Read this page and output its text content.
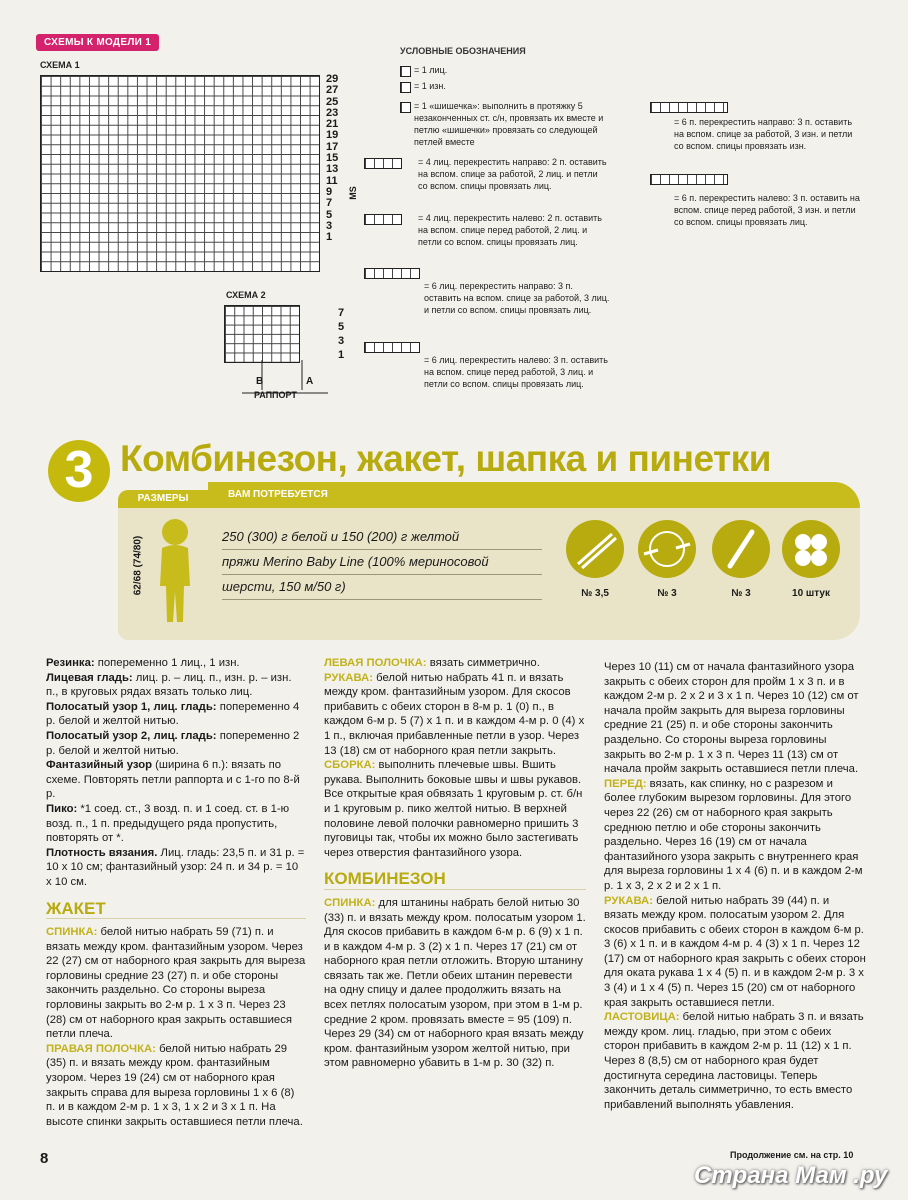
СХЕМЫ К МОДЕЛИ 1
СХЕМА 1
29
27
25
23
21
19
17
15
13
11
9
7
5
3
1
MS
СХЕМА 2
7
5
3
1
B	A
РАППОРТ
УСЛОВНЫЕ ОБОЗНАЧЕНИЯ
= 1 лиц.
= 1 изн.
= 1 «шишечка»: выполнить в протяжку 5 незаконченных ст. с/н, провязать их вместе и петлю «шишечки» провязать со следующей петлей вместе
= 4 лиц. перекрестить направо: 2 п. оставить на вспом. спице за работой, 2 лиц. и петли со вспом. спицы провязать лиц.
= 4 лиц. перекрестить налево: 2 п. оставить на вспом. спице перед работой, 2 лиц. и петли со вспом. спицы провязать лиц.
= 6 лиц. перекрестить направо: 3 п. оставить на вспом. спице за работой, 3 лиц. и петли со вспом. спицы провязать лиц.
= 6 лиц. перекрестить налево: 3 п. оставить на вспом. спице перед работой, 3 лиц. и петли со вспом. спицы провязать лиц.
= 6 п. перекрестить направо: 3 п. оставить на вспом. спице за работой, 3 изн. и петли со вспом. спицы провязать изн.
= 6 п. перекрестить налево: 3 п. оставить на вспом. спице перед работой, 3 изн. и петли со вспом. спицы провязать лиц.
3 Комбинезон, жакет, шапка и пинетки
РАЗМЕРЫ
62/68 (74/80)
ВАМ ПОТРЕБУЕТСЯ
250 (300) г белой и 150 (200) г желтой
пряжи Merino Baby Line (100% мериносовой
шерсти, 150 м/50 г)	№ 3,5	№ 3	№ 3	10 штук

Резинка: попеременно 1 лиц., 1 изн.

Лицевая гладь: лиц. р. – лиц. п., изн. р. – изн. п., в круговых рядах вязать только лиц.

Полосатый узор 1, лиц. гладь: попеременно 4 р. белой и желтой нитью.

Полосатый узор 2, лиц. гладь: попеременно 2 р. белой и желтой нитью.

Фантазийный узор (ширина 6 п.): вязать по схеме. Повторять петли раппорта и с 1-го по 8-й р.

Пико: *1 соед. ст., 3 возд. п. и 1 соед. ст. в 1-ю возд. п., 1 п. предыдущего ряда пропустить, повторять от *.

Плотность вязания. Лиц. гладь: 23,5 п. и 31 р. = 10 х 10 см; фантазийный узор: 24 п. и 34 р. = 10 х 10 см.

ЖАКЕТ

СПИНКА: белой нитью набрать 59 (71) п. и вязать между кром. фантазийным узором. Через 22 (27) см от наборного края закрыть для выреза горловины средние 23 (27) п. и обе стороны закончить раздельно. Со стороны выреза горловины закрыть во 2-м р. 1 х 3 п. Через 23 (28) см от наборного края закрыть оставшиеся петли плеча.

ПРАВАЯ ПОЛОЧКА: белой нитью набрать 29 (35) п. и вязать между кром. фантазийным узором. Через 19 (24) см от наборного края закрыть справа для выреза горловины 1 х 6 (8) п. и в каждом 2-м р. 1 х 3, 1 х 2 и 3 х 1 п. На высоте спинки закрыть оставшиеся петли плеча.

ЛЕВАЯ ПОЛОЧКА: вязать симметрично.

РУКАВА: белой нитью набрать 41 п. и вязать между кром. фантазийным узором. Для скосов прибавить с обеих сторон в 8-м р. 1 (0) п., в каждом 6-м р. 5 (7) х 1 п. и в каждом 4-м р. 0 (4) х 1 п., включая прибавленные петли в узор. Через 13 (18) см от наборного края петли закрыть.

СБОРКА: выполнить плечевые швы. Вшить рукава. Выполнить боковые швы и швы рукавов. Все открытые края обвязать 1 круговым р. ст. б/н и 1 круговым р. пико желтой нитью. В верхней половине левой полочки равномерно пришить 3 пуговицы так, чтобы их можно было застегивать через отверстия фантазийного узора.

КОМБИНЕЗОН

СПИНКА: для штанины набрать белой нитью 30 (33) п. и вязать между кром. полосатым узором 1. Для скосов прибавить в каждом 6-м р. 6 (9) х 1 п. и в каждом 4-м р. 3 (2) х 1 п. Через 17 (21) см от наборного края петли отложить. Вторую штанину связать так же. Петли обеих штанин перевести на одну спицу и далее продолжить вязать на всех петлях полосатым узором, при этом в 1-м р. средние 2 кром. провязать вместе = 95 (109) п. Через 29 (34) см от наборного края вязать между кром. фантазийным узором желтой нитью, при этом равномерно убавить в 1-м р. 30 (32) п.

Через 10 (11) см от начала фантазийного узора закрыть с обеих сторон для пройм 1 х 3 п. и в каждом 2-м р. 2 х 2 и 3 х 1 п. Через 10 (12) см от начала пройм закрыть для выреза горловины средние 21 (25) п. и обе стороны закончить раздельно. Со стороны выреза горловины закрыть во 2-м р. 1 х 3 п. Через 11 (13) см от начала пройм закрыть оставшиеся петли плеча.

ПЕРЕД: вязать, как спинку, но с разрезом и более глубоким вырезом горловины. Для этого через 22 (26) см от наборного края закрыть среднюю петлю и обе стороны закончить раздельно. Через 16 (19) см от начала фантазийного узора закрыть с внутреннего края для выреза горловины 1 х 4 (6) п. и в каждом 2-м р. 1 х 3, 2 х 2 и 2 х 1 п.

РУКАВА: белой нитью набрать 39 (44) п. и вязать между кром. полосатым узором 2. Для скосов прибавить с обеих сторон в каждом 6-м р. 3 (6) х 1 п. и в каждом 4-м р. 4 (3) х 1 п. Через 12 (17) см от наборного края закрыть с обеих сторон для оката рукава 1 х 4 (5) п. и в каждом 2-м р. 3 х 3 (4) и 1 х 4 (5) п. Через 15 (20) см от наборного края закрыть оставшиеся петли.

ЛАСТОВИЦА: белой нитью набрать 3 п. и вязать между кром. лиц. гладью, при этом с обеих сторон прибавить в каждом 2-м р. 11 (12) х 1 п. Через 8 (8,5) см от наборного края будет достигнута середина ластовицы. Теперь закончить деталь симметрично, то есть вместо прибавлений выполнять убавления.

8	Продолжение см. на стр. 10
Страна Мам .ру
